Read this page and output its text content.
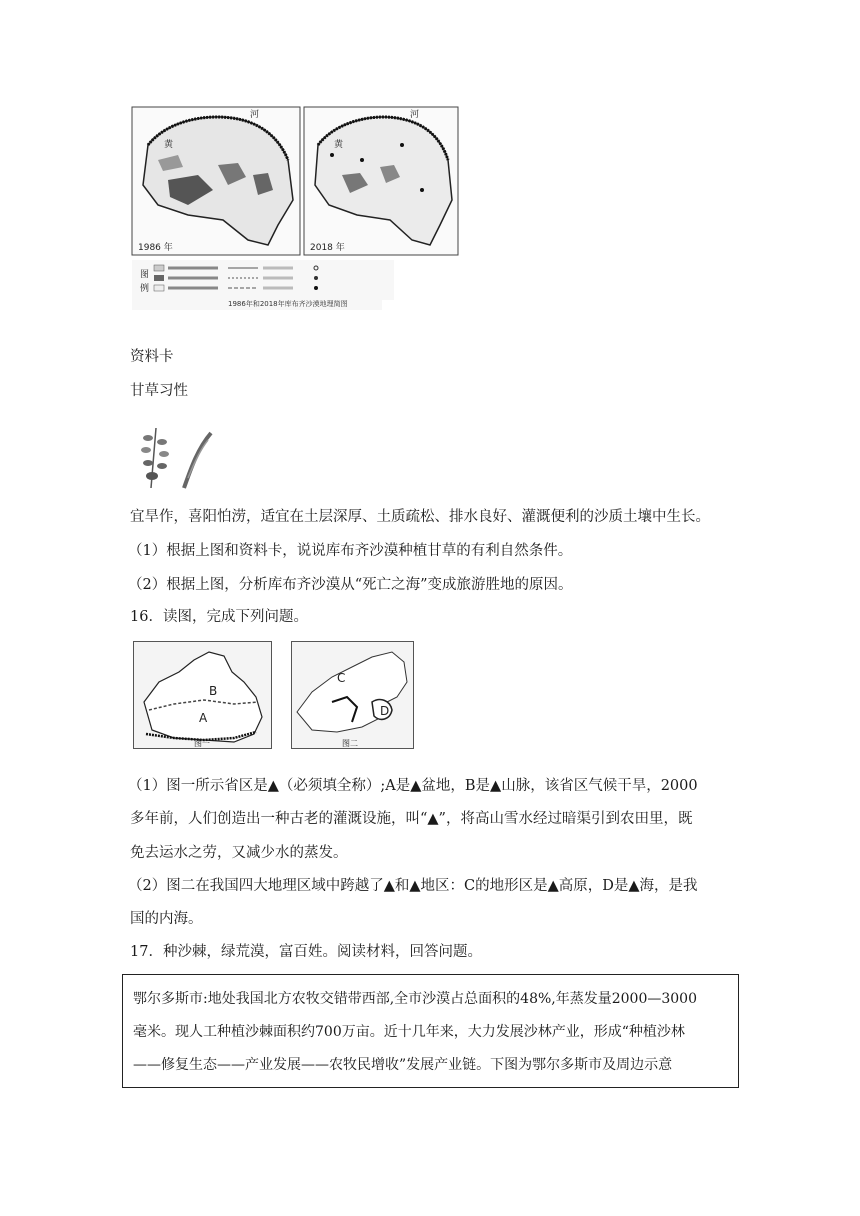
黄
河
1986 年
图
例
1986年和2018年库布齐沙漠地理简图
黄
河
2018 年
资料卡
甘草习性
宜旱作，喜阳怕涝，适宜在土层深厚、土质疏松、排水良好、灌溉便利的沙质土壤中生长。
（1）根据上图和资料卡，说说库布齐沙漠种植甘草的有利自然条件。
（2）根据上图，分析库布齐沙漠从“死亡之海”变成旅游胜地的原因。
16．读图，完成下列问题。
B
A
图一
C
D
图二
（1）图一所示省区是▲（必须填全称）;A是▲盆地，B是▲山脉，该省区气候干旱，2000
多年前，人们创造出一种古老的灌溉设施，叫“▲”，将高山雪水经过暗渠引到农田里，既
免去运水之劳，又减少水的蒸发。
（2）图二在我国四大地理区域中跨越了▲和▲地区：C的地形区是▲高原，D是▲海，是我
国的内海。
17．种沙棘，绿荒漠，富百姓。阅读材料，回答问题。

鄂尔多斯市:地处我国北方农牧交错带西部,全市沙漠占总面积的48%,年蒸发量2000—3000

毫米。现人工种植沙棘面积约700万亩。近十几年来，大力发展沙林产业，形成“种植沙林

——修复生态——产业发展——农牧民增收”发展产业链。下图为鄂尔多斯市及周边示意
